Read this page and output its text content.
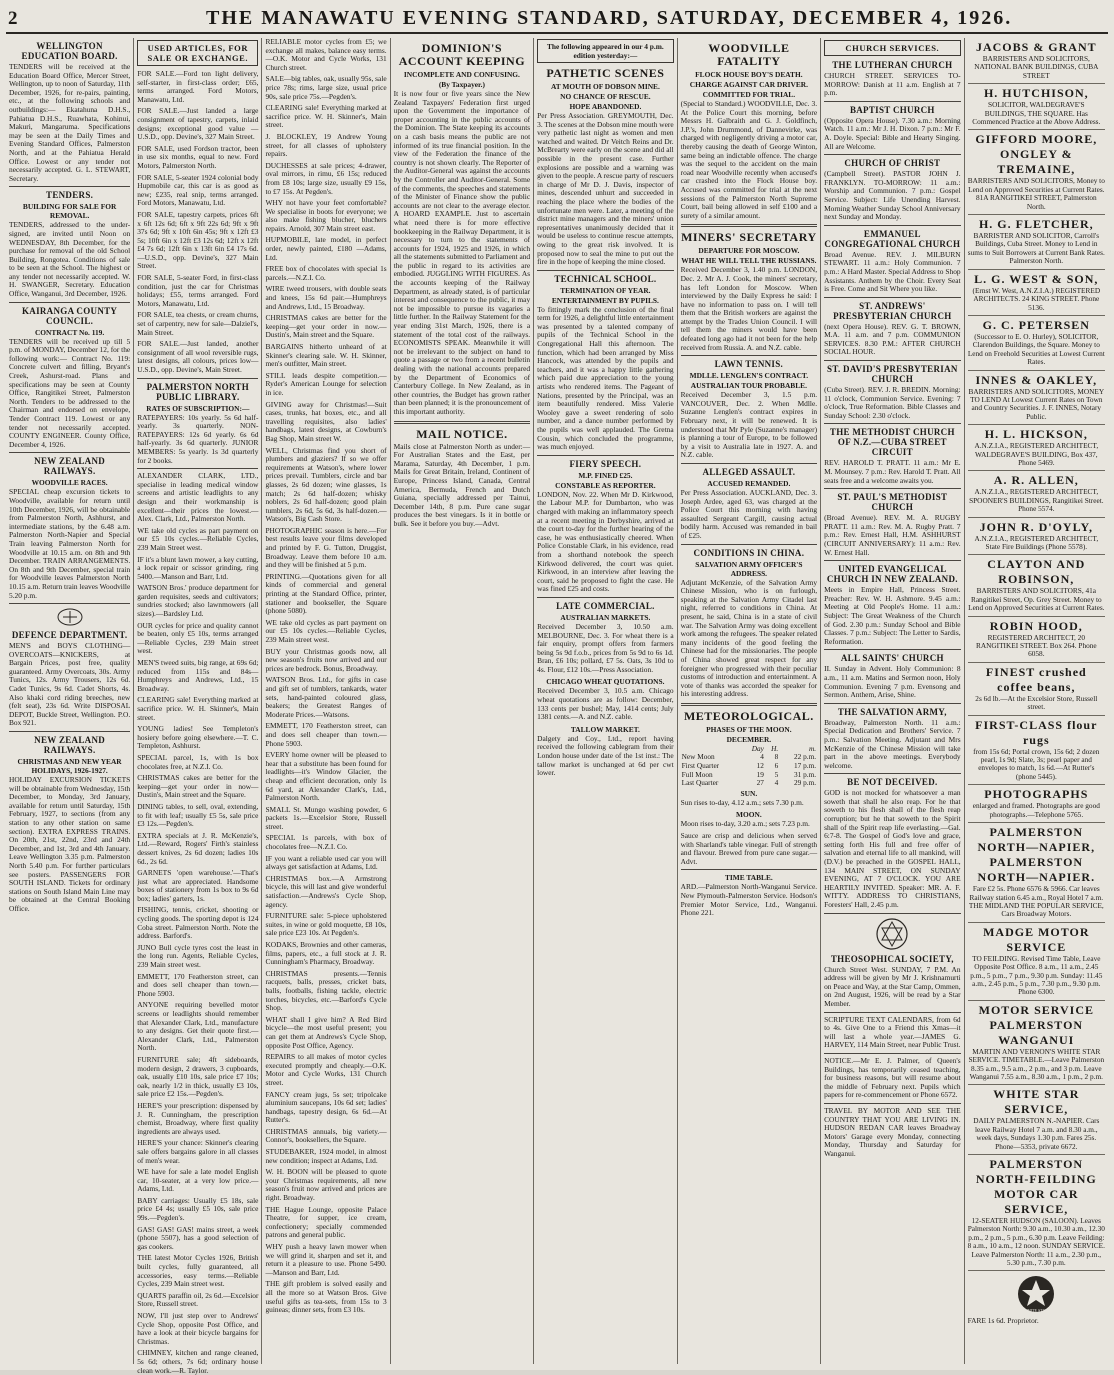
2	THE MANAWATU EVENING STANDARD, SATURDAY, DECEMBER 4, 1926.
WELLINGTON EDUCATION BOARD.

TENDERS will be received at the Education Board Office, Mercer Street, Wellington, up to noon of Saturday, 11th December, 1926, for re-pairs, painting, etc., at the following schools and outbuildings:— Ekatahuna D.H.S., Pahiatua D.H.S., Ruawhata, Kohinui, Makuri, Mangaruma. Specifications may be seen at the Daily Times and Evening Standard Offices, Palmerston North, and at the Pahiatua Herald Office. Lowest or any tender not necessarily accepted. G. L. STEWART, Secretary.

TENDERS.
BUILDING FOR SALE FOR REMOVAL.

TENDERS, addressed to the under-signed, are invited until Noon on WEDNESDAY, 8th December, for the purchase for removal of the old School Building, Rongotea. Conditions of sale to be seen at the School. The highest or any tender not necessarily accepted. W. H. SWANGER, Secretary. Education Office, Wanganui, 3rd December, 1926.

KAIRANGA COUNTY COUNCIL.
CONTRACT No. 119.

TENDERS will be received up till 5 p.m. of MONDAY, December 12, for the following work:— Contract No. 119: Concrete culvert and filling, Bryant's Creek, Ashurst-road. Plans and specifications may be seen at County Office, Rangitikei Street, Palmerston North. Tenders to be addressed to the Chairman and endorsed on envelope, Tender Contract 119. Lowest or any tender not necessarily accepted. COUNTY ENGINEER. County Office, December 4, 1926.

NEW ZEALAND RAILWAYS.
WOODVILLE RACES.

SPECIAL cheap excursion tickets to Woodville, available for return until 10th December, 1926, will be obtainable from Palmerston North, Ashhurst, and intermediate stations, by the 6.48 a.m. Palmerston North-Napier and Special Train leaving Palmerston North for Woodville at 10.15 a.m. on 8th and 9th December. TRAIN ARRANGEMENTS. On 8th and 9th December, special train for Woodville leaves Palmerston North 10.15 a.m. Return train leaves Woodville 5.20 p.m.

DEFENCE DEPARTMENT.

MEN'S and BOYS CLOTHING—OVERCOATS—KNICKERS, at Bargain Prices, post free, quality guaranteed. Army Overcoats, 30s. Army Tunics, 12s. Army Trousers, 12s 6d. Cadet Tunics, 9s 6d. Cadet Shorts, 4s. Also khaki cord riding breeches, new (felt seat), 23s 6d. Write DISPOSAL DEPOT, Buckle Street, Wellington. P.O. Box 921.

NEW ZEALAND RAILWAYS.
CHRISTMAS AND NEW YEAR HOLIDAYS, 1926-1927.

HOLIDAY EXCURSION TICKETS will be obtainable from Wednesday, 15th December, to Monday, 3rd January, available for return until Saturday, 15th February, 1927, to sections (from any station to any other station on same section). EXTRA EXPRESS TRAINS. On 20th, 21st, 22nd, 23rd and 24th December, and 1st, 3rd and 4th January. Leave Wellington 3.35 p.m. Palmerston North 5.40 p.m. For further particulars see posters. PASSENGERS FOR SOUTH ISLAND. Tickets for ordinary stations on South Island Main Line may be obtained at the Central Booking Office.

USED ARTICLES, FOR SALE OR EXCHANGE.

FOR SALE.—Ford ton light delivery, self-starter, in first-class order; £65, terms arranged. Ford Motors, Manawatu, Ltd.

FOR SALE.—Just landed a large consignment of tapestry, carpets, inlaid designs; exceptional good value —U.S.D., opp. Devine's, 327 Main Street.

FOR SALE, used Fordson tractor, been in use six months, equal to new. Ford Motors, Palmerston North.

FOR SALE, 5-seater 1924 colonial body Hupmobile car, this car is as good as new; £235, real snip, terms arranged. Ford Motors, Manawatu, Ltd.

FOR SALE, tapestry carpets, prices 6ft x 6ft 12s 6d; 6ft x 9ft 22s 6d; 9ft x 9ft 37s 6d; 9ft x 10ft 6in 45s; 9ft x 12ft £3 5s; 10ft 6in x 12ft £3 12s 6d; 12ft x 12ft £4 7s 6d; 12ft 6in x 13ft 6in £4 17s 6d.—U.S.D., opp. Devine's, 327 Main Street.

FOR SALE, 5-seater Ford, in first-class condition, just the car for Christmas holidays; £55, terms arranged. Ford Motors, Manawatu, Ltd.

FOR SALE, tea chests, or cream churns, set of carpentry, new for sale—Dalziel's, Main Street.

FOR SALE.—Just landed, another consignment of all wool reversible rugs, latest designs, all colours, prices low—U.S.D., opp. Devine's, Main Street.

PALMERSTON NORTH PUBLIC LIBRARY.
RATES OF SUBSCRIPTION:—

RATEPAYERS: 10s yearly. 5s 6d half-yearly. 3s quarterly. NON-RATEPAYERS: 12s 6d yearly. 6s 6d half-yearly. 3s 6d quarterly. JUNIOR MEMBERS: 5s yearly. 1s 3d quarterly for 2 books.

ALEXANDER CLARK, LTD., specialise in leading medical window screens and artistic leadlights to any design and their workmanship is excellent—their prices the lowest.—Alex. Clark, Ltd., Palmerston North.

WE take old cycles as part payment on our £5 10s cycles.—Reliable Cycles, 239 Main Street west.

IF it's a blunt lawn mower, a key cutting, a lock repair or scissor grinding, ring 5400.—Manson and Barr, Ltd.

WATSON Bros.' produce department for garden requisites, seeds and cultivators; sundries stocked; also lawnmowers (all sizes).—Bardsley Ltd.

OUR cycles for price and quality cannot be beaten, only £5 10s, terms arranged—Reliable Cycles, 239 Main street west.

MEN'S tweed suits, big range, at 69s 6d; reduced from 115s and 84s—Humphreys and Andrews, Ltd., 15 Broadway.

CLEARING sale! Everything marked at sacrifice price. W. H. Skinner's, Main street.

YOUNG ladies! See Templeton's hosiery before going elsewhere.—T. C. Templeton, Ashhurst.

SPECIAL parcel, 1s, with 1s box chocolates free, at N.Z.I. Co.

CHRISTMAS cakes are better for the keeping—get your order in now—Dustin's, Main street and the Square.

DINING tables, to sell, oval, extending, to fit with leaf; usually £5 5s, sale price £3 12s.—Pegden's.

EXTRA specials at J. R. McKenzie's, Ltd.—Reward, Rogers' Firth's stainless dessert knives, 2s 6d dozen; ladies 10s 6d., 2s 6d.

GARNETS 'open warehouse.'—That's just what are appreciated. Handsome boxes of stationery from 1s box to 9s 6d box; ladies' garters, 1s.

FISHING, tennis, cricket, shooting or cycling goods. The sporting depot is 124 Coba street. Palmerston North. Note the address. Barford's.

JUNO Bull cycle tyres cost the least in the long run. Agents, Reliable Cycles, 239 Main street west.

EMMETT, 170 Featherston street, can and does sell cheaper than town.—Phone 5903.

ANYONE requiring bevelled motor screens or leadlights should remember that Alexander Clark, Ltd., manufacture to any designs. Get their quote first.—Alexander Clark, Ltd., Palmerston North.

FURNITURE sale; 4ft sideboards, modern design, 2 drawers, 3 cupboards, oak, usually £10 10s, sale price £7 10s; oak, nearly 1/2 in thick, usually £3 10s, sale price £2 15s.—Pegden's.

HERE'S your prescription: dispensed by J. R. Cunningham, the prescription chemist, Broadway, where first quality ingredients are always used.

HERE'S your chance: Skinner's clearing sale offers bargains galore in all classes of men's wear.

WE have for sale a late model English car, 10-seater, at a very low price.—Adams, Ltd.

BABY carriages: Usually £5 18s, sale price £4 4s; usually £5 10s, sale price 99s.—Pegden's.

GAS! GAS! GAS! mains street, a week (phone 5507), has a good selection of gas cookers.

THE latest Motor Cycles 1926, British built cycles, fully guaranteed, all accessories, easy terms.—Reliable Cycles, 239 Main street west.

QUARTS paraffin oil, 2s 6d.—Excelsior Store, Russell street.

NOW, I'll just step over to Andrews' Cycle Shop, opposite Post Office, and have a look at their bicycle bargains for Christmas.

CHIMNEY, kitchen and range cleaned, 5s 6d; others, 7s 6d; ordinary house clean work.—R. Taylor.

RELIABLE motor cycles from £5; we exchange all makes, balance easy terms.—O.K. Motor and Cycle Works, 131 Church street.

SALE—big tables, oak, usually 95s, sale price 78s; rims, large size, usual price 90s, sale price 75s.—Pegden's.

CLEARING sale! Everything marked at sacrifice price. W. H. Skinner's, Main street.

J. BLOCKLEY, 19 Andrew Young street, for all classes of upholstery repairs.

DUCHESSES at sale prices; 4-drawer, oval mirrors, in rimu, £6 15s; reduced from £8 10s; large size, usually £9 15s, to £7 15s. At Pegden's.

WHY not have your feet comfortable? We specialise in boots for everyone; we also make fishing blucher, bluchers repairs. Arnold, 307 Main street east.

HUPMOBILE, late model, in perfect order, newly painted, £180 —Adams, Ltd.

FREE box of chocolates with special 1s parcels.—N.Z.I. Co.

WIRE tweed trousers, with double seats and knees, 15s 6d pair.—Humphreys and Andrews, Ltd., 15 Broadway.

CHRISTMAS cakes are better for the keeping—get your order in now.—Dustin's, Main street and the Square.

BARGAINS hitherto unheard of at Skinner's clearing sale. W. H. Skinner, men's outfitter, Main street.

STILL leads despite competition.—Ryder's American Lounge for selection in ice.

GIVING away for Christmas!—Suit cases, trunks, hat boxes, etc., and all travelling requisites, also ladies' handbags, latest designs, at Cowburn's Bag Shop, Main street W.

WELL, Christmas find you short of plumbers and glaziers? If so we offer requirements at Watson's, where lower prices prevail. Tumblers, circle and bar glasses, 2s 6d dozen; wine glasses, 1s match; 2s 6d half-dozen; whisky noblers, 2s 6d half-dozen; good plain tumblers, 2s 6d, 5s 6d, 3s half-dozen.—Watson's, Big Cash Store.

PHOTOGRAPHIC season is here.—For best results leave your films developed and printed by F. G. Tutton, Druggist, Broadway. Leave them before 10 a.m. and they will be finished at 5 p.m.

PRINTING.—Quotations given for all kinds of commercial and general printing at the Standard Office, printer, stationer and bookseller, the Square (phone 5080).

WE take old cycles as part payment on our £5 10s cycles.—Reliable Cycles, 239 Main street west.

BUY your Christmas goods now, all new season's fruits now arrived and our prices are bedrock. Bonus, Broadway.

WATSON Bros. Ltd., for gifts in case and gift set of tumblers, tankards, water sets, hand-painted coloured glass, beakers; the Greatest Ranges of Moderate Prices.—Watsons.

EMMETT, 170 Featherston street, can and does sell cheaper than town.—Phone 5903.

EVERY home owner will be pleased to hear that a substitute has been found for leadlights—it's Window Glacier, the cheap and efficient decoration, only 1s 6d yard, at Alexander Clark's, Ltd., Palmerston North.

SMALL St. Mungo washing powder, 6 packets 1s.—Excelsior Store, Russell street.

SPECIAL 1s parcels, with box of chocolates free—N.Z.I. Co.

IF you want a reliable used car you will always get satisfaction at Adams, Ltd.

CHRISTMAS box.—A Armstrong bicycle, this will last and give wonderful satisfaction.—Andrews's Cycle Shop, agency.

FURNITURE sale: 5-piece upholstered suites, in wine or gold moquette, £8 10s, sale price £23 10s. At Pegden's.

KODAKS, Brownies and other cameras, films, papers, etc., a full stock at J. R. Cunningham's Pharmacy, Broadway.

CHRISTMAS presents.—Tennis racquets, balls, presses, cricket bats, balls, footballs, fishing tackle, electric torches, bicycles, etc.—Barford's Cycle Shop.

WHAT shall I give him? A Red Bird bicycle—the most useful present; you can get them at Andrews's Cycle Shop, opposite Post Office, Agency.

REPAIRS to all makes of motor cycles executed promptly and cheaply.—O.K. Motor and Cycle Works, 131 Church street.

FANCY cream jugs, 5s set; tripolcake aluminium saucepans, 10s 6d set; ladies' handbags, tapestry design, 6s 6d.—At Rutter's.

CHRISTMAS annuals, big variety.—Connor's, booksellers, the Square.

STUDEBAKER, 1924 model, in almost new condition; inspect at Adams, Ltd.

W. H. BOON will be pleased to quote your Christmas requirements, all new season's fruit now arrived and prices are right. Broadway.

THE Hague Lounge, opposite Palace Theatre, for supper, ice cream, confectionery; specially commended patrons and general public.

WHY push a heavy lawn mower when we will grind it, sharpen and set it, and return it a pleasure to use. Phone 5490.—Manson and Barr, Ltd.

THE gift problem is solved easily and all the more so at Watson Bros. Give useful gifts as tea-sets, from 15s to 3 guineas; dinner sets, from £3 10s.

DOMINION'S ACCOUNT KEEPING
INCOMPLETE AND CONFUSING.
(By Taxpayer.)

It is now four or five years since the New Zealand Taxpayers' Federation first urged upon the Government the importance of proper accounting in the public accounts of the Dominion. The State keeping its accounts on a cash basis means the public are not informed of its true financial position. In the view of the Federation the finance of the country is not shown clearly. The Reporter of the Auditor-General was against the accounts by the Controller and Auditor-General. Some of the comments, the speeches and statements of the Minister of Finance show the public accounts are not clear to the average elector. A HOARD EXAMPLE. Just to ascertain what need there is for more effective bookkeeping in the Railway Department, it is necessary to turn to the statements of accounts for 1924, 1925 and 1926, in which all the statements submitted to Parliament and the public in regard to its activities are embodied. JUGGLING WITH FIGURES. As the accounts keeping of the Railway Department, as already stated, is of particular interest and consequence to the public, it may not be impossible to pursue its vagaries a little further. In the Railway Statement for the year ending 31st March, 1926, there is a statement of the total cost of the railways. ECONOMISTS SPEAK. Meanwhile it will not be irrelevant to the subject on hand to quote a passage or two from a recent bulletin dealing with the national accounts prepared by the Department of Economics of Canterbury College. In New Zealand, as in other countries, the Budget has grown rather than been planned; it is the pronouncement of this important authority.

MAIL NOTICE.

Mails close at Palmerston North as under:— For Australian States and the East, per Marama, Saturday, 4th December, 1 p.m. Mails for Great Britain, Ireland, Continent of Europe, Princess Island, Canada, Central America, Bermuda, French and Dutch Guiana, specially addressed per Tainui, December 14th, 8 p.m. Pure cane sugar produces the best vinegars. Is it in bottle or bulk. See it before you buy.—Advt.

The following appeared in our 4 p.m. edition yesterday:—
PATHETIC SCENES
AT MOUTH OF DOBSON MINE.
NO CHANCE OF RESCUE.
HOPE ABANDONED.

Per Press Association. GREYMOUTH, Dec. 3. The scenes at the Dobson mine mouth were very pathetic last night as women and men watched and waited. Dr Veitch Reins and Dr. McBrearty were early on the scene and did all possible in the present case. Further explosions are possible and a warning was given to the people. A rescue party of rescuers in charge of Mr D. J. Davis, inspector of mines, descended unhurt and succeeded in reaching the place where the bodies of the unfortunate men were. Later, a meeting of the district mine managers and the miners' union representatives unanimously decided that it would be useless to continue rescue attempts, owing to the great risk involved. It is proposed now to seal the mine to put out the fire in the hope of keeping the mine closed.

TECHNICAL SCHOOL.
TERMINATION OF YEAR.
ENTERTAINMENT BY PUPILS.

To fittingly mark the conclusion of the final term for 1926, a delightful little entertainment was presented by a talented company of pupils of the Technical School in the Congregational Hall this afternoon. The function, which had been arranged by Miss Hancock, was attended by the pupils and teachers, and it was a happy little gathering which paid due appreciation to the young artists who rendered items. The Pageant of Nations, presented by the Principal, was an item beautifully rendered. Miss Valerie Wooley gave a sweet rendering of solo number, and a dance number performed by the pupils was well applauded. The Gretna Cousin, which concluded the programme, was much enjoyed.

FIERY SPEECH.
M.P. FINED £25.
CONSTABLE AS REPORTER.

LONDON, Nov. 22. When Mr D. Kirkwood, the Labour M.P. for Dumbarton, who was charged with making an inflammatory speech at a recent meeting in Derbyshire, arrived at the court to-day for the further hearing of the case, he was enthusiastically cheered. When Police Constable Clark, in his evidence, read from a shorthand notebook the speech Kirkwood delivered, the court was quiet. Kirkwood, in an interview after leaving the court, said he proposed to fight the case. He was fined £25 and costs.

LATE COMMERCIAL.
AUSTRALIAN MARKETS.

Received December 3, 10.50 a.m. MELBOURNE, Dec. 3. For wheat there is a fair enquiry, prompt offers from farmers being 5s 9d f.o.b., prices from 5s 9d to 6s 1d. Bran, £6 10s; pollard, £7 5s. Oats, 3s 10d to 4s. Flour, £12 10s.—Press Association.

CHICAGO WHEAT QUOTATIONS.

Received December 3, 10.5 a.m. Chicago wheat quotations are as follow: December, 133 cents per bushel; May, 1414 cents; July 1381 cents.—A. and N.Z. cable.

TALLOW MARKET.

Dalgety and Coy., Ltd., report having received the following cablegram from their London house under date of the 1st inst.: The tallow market is unchanged at 6d per cwt lower.

WOODVILLE FATALITY
FLOCK HOUSE BOY'S DEATH.
CHARGE AGAINST CAR DRIVER.
COMMITTED FOR TRIAL.

(Special to Standard.) WOODVILLE, Dec. 3. At the Police Court this morning, before Messrs H. Galbraith and G. J. Goldfinch, J.P.'s, John Drummond, of Dannevirke, was charged with negligently driving a motor car, thereby causing the death of George Winton, same being an indictable offence. The charge was the sequel to the accident on the main road near Woodville recently when accused's car crashed into the Flock House boy. Accused was committed for trial at the next sessions of the Palmerston North Supreme Court, bail being allowed in self £100 and a surety of a similar amount.

MINERS' SECRETARY
DEPARTURE FOR MOSCOW.
WHAT HE WILL TELL THE RUSSIANS.

Received December 3, 1.40 p.m. LONDON, Dec. 2. Mr A. J. Cook, the miners' secretary, has left London for Moscow. When interviewed by the Daily Express he said: I have no information to pass on. I will tell them that the British workers are against the attempt by the Trades Union Council. I will tell them the miners would have been defeated long ago had it not been for the help received from Russia. A. and N.Z. cable.

LAWN TENNIS.
MDLLE. LENGLEN'S CONTRACT.
AUSTRALIAN TOUR PROBABLE.

Received December 3, 1.5 p.m. VANCOUVER, Dec. 2. When Mdlle. Suzanne Lenglen's contract expires in February next, it will be renewed. It is understood that Mr Pyle (Suzanne's manager) is planning a tour of Europe, to be followed by a visit to Australia late in 1927. A. and N.Z. cable.

ALLEGED ASSAULT.
ACCUSED REMANDED.

Per Press Association. AUCKLAND, Dec. 3. Joseph Ardee, aged 63, was charged at the Police Court this morning with having assaulted Sergeant Cargill, causing actual bodily harm. Accused was remanded in bail of £25.

CONDITIONS IN CHINA.
SALVATION ARMY OFFICER'S ADDRESS.

Adjutant McKenzie, of the Salvation Army Chinese Mission, who is on furlough, speaking at the Salvation Army Citadel last night, referred to conditions in China. At present, he said, China is in a state of civil war. The Salvation Army was doing excellent work among the refugees. The speaker related many incidents of the good feeling the Chinese had for the missionaries. The people of China showed great respect for any foreigner who progressed with their peculiar customs of introduction and entertainment. A vote of thanks was accorded the speaker for his interesting address.

METEOROLOGICAL.
PHASES OF THE MOON.
DECEMBER.
	Day	H.	m.
New Moon	4	8	22 p.m.
First Quarter	12	6	17 p.m.
Full Moon	19	5	31 p.m.
Last Quarter	27	4	29 p.m.
SUN.

Sun rises to-day, 4.12 a.m.; sets 7.30 p.m.

MOON.

Moon rises to-day, 3.20 a.m.; sets 7.23 p.m.

Sauce are crisp and delicious when served with Sharland's table vinegar. Full of strength and flavour. Brewed from pure cane sugar.—Advt.

TIME TABLE.

ARD.—Palmerston North-Wanganui Service. New Plymouth-Palmerston Service. Hodson's Premier Motor Service, Ltd., Wanganui. Phone 221.

CHURCH SERVICES.
THE LUTHERAN CHURCH

CHURCH STREET. SERVICES TO-MORROW: Danish at 11 a.m. English at 7 p.m.

BAPTIST CHURCH

(Opposite Opera House). 7.30 a.m.: Morning Watch. 11 a.m.: Mr J. H. Dixon. 7 p.m.: Mr F. A. Doyle. Special: Bible and Hearty Singing. All are Welcome.

CHURCH OF CHRIST

(Campbell Street). PASTOR JOHN J. FRANKLYN. TO-MORROW: 11 a.m.: Worship and Communion. 7 p.m.: Gospel Service. Subject: Life Unending Harvest. Morning Weather Sunday School Anniversary next Sunday and Monday.

EMMANUEL CONGREGATIONAL CHURCH

Broad Avenue. REV. J. MILBURN STEWART. 11 a.m.: Holy Communion. 7 p.m.: A Hard Master. Special Address to Shop Assistants. Anthem by the Choir. Every Seat is Free. Come and Sit Where you like.

ST. ANDREWS' PRESBYTERIAN CHURCH

(next Opera House). REV. G. T. BROWN, M.A. 11 a.m. and 7 p.m. COMMUNION SERVICES. 8.30 P.M.: AFTER CHURCH SOCIAL HOUR.

ST. DAVID'S PRESBYTERIAN CHURCH

(Cuba Street). REV. J. R. BREDIN. Morning: 11 o'clock, Communion Service. Evening: 7 o'clock, True Reformation. Bible Classes and Sunday School: 2.30 o'clock.

THE METHODIST CHURCH OF N.Z.—CUBA STREET CIRCUIT

REV. HAROLD T. PRATT. 11 a.m.: Mr E. M. Mounsey. 7 p.m.: Rev. Harold T. Pratt. All seats free and a welcome awaits you.

ST. PAUL'S METHODIST CHURCH

(Broad Avenue). REV. M. A. RUGBY PRATT. 11 a.m.: Rev. M. A. Rugby Pratt. 7 p.m.: Rev. Ernest Hall, H.M. ASHHURST (CIRCUIT ANNIVERSARY): 11 a.m.: Rev. W. Ernest Hall.

UNITED EVANGELICAL CHURCH IN NEW ZEALAND.

Meets in Empire Hall, Princess Street. Preacher: Rev. W. H. Ashmore. 9.45 a.m.: Meeting at Old People's Home. 11 a.m.: Subject: The Great Weakness of the Church of God. 2.30 p.m.: Sunday School and Bible Classes. 7 p.m.: Subject: The Letter to Sardis, Reformation.

ALL SAINTS' CHURCH

II. Sunday in Advent. Holy Communion: 8 a.m., 11 a.m. Matins and Sermon noon, Holy Communion. Evening 7 p.m. Evensong and Sermon. Anthem, Arise, Shine.

THE SALVATION ARMY,

Broadway, Palmerston North. 11 a.m.: Special Dedication and Brothers' Service. 7 p.m.: Salvation Meeting. Adjutant and Mrs McKenzie of the Chinese Mission will take part in the above meetings. Everybody welcome.

BE NOT DECEIVED.

GOD is not mocked for whatsoever a man soweth that shall he also reap. For he that soweth to his flesh shall of the flesh reap corruption; but he that soweth to the Spirit shall of the Spirit reap life everlasting.—Gal. 6:7-8. The Gospel of God's love and grace, setting forth His full and free offer of salvation and eternal life to all mankind, will (D.V.) be preached in the GOSPEL HALL, 134 MAIN STREET, ON SUNDAY EVENING, AT 7 O'CLOCK. YOU ARE HEARTILY INVITED. Speaker: MR. A. F. WITTY. ADDRESS TO CHRISTIANS, Foresters' Hall, 2.45 p.m.

THEOSOPHICAL SOCIETY,

Church Street West. SUNDAY, 7 P.M. An address will be given by Mr J. Krishnamurti on Peace and Way, at the Star Camp, Ommen, on 2nd August, 1926, will be read by a Star Member.

SCRIPTURE TEXT CALENDARS, from 6d to 4s. Give One to a Friend this Xmas—it will last a whole year.—JAMES G. HARVEY, 114 Main Street, near Public Trust.

NOTICE.—Mr E. J. Palmer, of Queen's Buildings, has temporarily ceased teaching, for business reasons, but will resume about the middle of February next. Pupils which papers for re-commencement or Phone 6572.

TRAVEL BY MOTOR AND SEE THE COUNTRY THAT YOU ARE LIVING IN. HUDSON REDAN CAR leaves Broadway Motors' Garage every Monday, connecting Monday, Thursday and Saturday for Wanganui.

JACOBS & GRANT
BARRISTERS AND SOLICITORS, NATIONAL BANK BUILDINGS, CUBA STREET
H. HUTCHISON,
SOLICITOR, WALDEGRAVE'S BUILDINGS, THE SQUARE. Has Commenced Practice at the Above Address.
GIFFORD MOORE, ONGLEY & TREMAINE,
BARRISTERS AND SOLICITORS, Money to Lend on Approved Securities at Current Rates. 81A RANGITIKEI STREET, Palmerston North.
H. G. FLETCHER,
BARRISTER AND SOLICITOR, Carroll's Buildings, Cuba Street. Money to Lend in sums to Suit Borrowers at Current Bank Rates. Palmerston North.
L. G. WEST & SON,
(Ernst W. West, A.N.Z.I.A.) REGISTERED ARCHITECTS. 24 KING STREET. Phone 5136.
G. C. PETERSEN
(Successor to E. O. Hurley), SOLICITOR, Clarendon Buildings, the Square. Money to Lend on Freehold Securities at Lowest Current Rates.
INNES & OAKLEY,
BARRISTERS AND SOLICITORS, MONEY TO LEND At Lowest Current Rates on Town and Country Securities. J. F. INNES, Notary Public.
H. L. HICKSON,
A.N.Z.I.A., REGISTERED ARCHITECT, WALDEGRAVE'S BUILDING, Box 437, Phone 5469.
A. R. ALLEN,
A.N.Z.I.A., REGISTERED ARCHITECT, SPOONER'S BUILDINGS, Rangitikei Street. Phone 5574.
JOHN R. D'OYLY,
A.N.Z.I.A., REGISTERED ARCHITECT, State Fire Buildings (Phone 5578).
CLAYTON AND ROBINSON,
BARRISTERS AND SOLICITORS, 41a Rangitikei Street, Op. Grey Street. Money to Lend on Approved Securities at Current Rates.
ROBIN HOOD,
REGISTERED ARCHITECT, 20 RANGITIKEI STREET. Box 264. Phone 6058.
FINEST crushed coffee beans,
2s 6d lb.—At the Excelsior Store, Russell street.
FIRST-CLASS flour rugs
from 15s 6d; Portal crown, 15s 6d; 2 dozen pearl, 1s 9d; Slate, 3s; pearl paper and envelopes to match, 1s 6d.—At Rutter's (phone 5445).
PHOTOGRAPHS
enlarged and framed. Photographs are good photographs.—Telephone 5765.
PALMERSTON NORTH—NAPIER, PALMERSTON NORTH—NAPIER.
Fare £2 5s. Phone 6576 & 5966. Car leaves Railway station 6.45 a.m., Royal Hotel 7 a.m. THE MIDLAND THE POPULAR SERVICE, Cars Broadway Motors.
MADGE MOTOR SERVICE
TO FEILDING. Revised Time Table, Leave Opposite Post Office. 8 a.m., 11 a.m., 2.45 p.m., 5 p.m., 7 p.m., 9.30 p.m. Sunday: 11.45 a.m., 2.45 p.m., 5 p.m., 7.30 p.m., 9.30 p.m. Phone 6300.
MOTOR SERVICE PALMERSTON WANGANUI
MARTIN AND VERNON'S WHITE STAR SERVICE. TIMETABLE.—Leave Palmerston 8.35 a.m., 9.5 a.m., 2 p.m., and 3 p.m. Leave Wanganui 7.55 a.m., 8.30 a.m., 1 p.m., 2 p.m.
WHITE STAR SERVICE,
DAILY PALMERSTON N.-NAPIER. Cars leave Railway Hotel 7 a.m. and 8.30 a.m., week days, Sundays 1.30 p.m. Fares 25s. Phone—5353, private 6672.
PALMERSTON NORTH-FEILDING MOTOR CAR SERVICE,
12-SEATER HUDSON (SALOON). Leaves Palmerston North: 9.30 a.m., 10.30 a.m., 12.30 p.m., 2 p.m., 5 p.m., 6.30 p.m. Leave Feilding: 8 a.m., 10 a.m., 12 noon. SUNDAY SERVICE. Leave Palmerston North: 11 a.m., 2.30 p.m., 5.30 p.m., 7.30 p.m.
WHITE STAR

FARE 1s 6d. Proprietor.
